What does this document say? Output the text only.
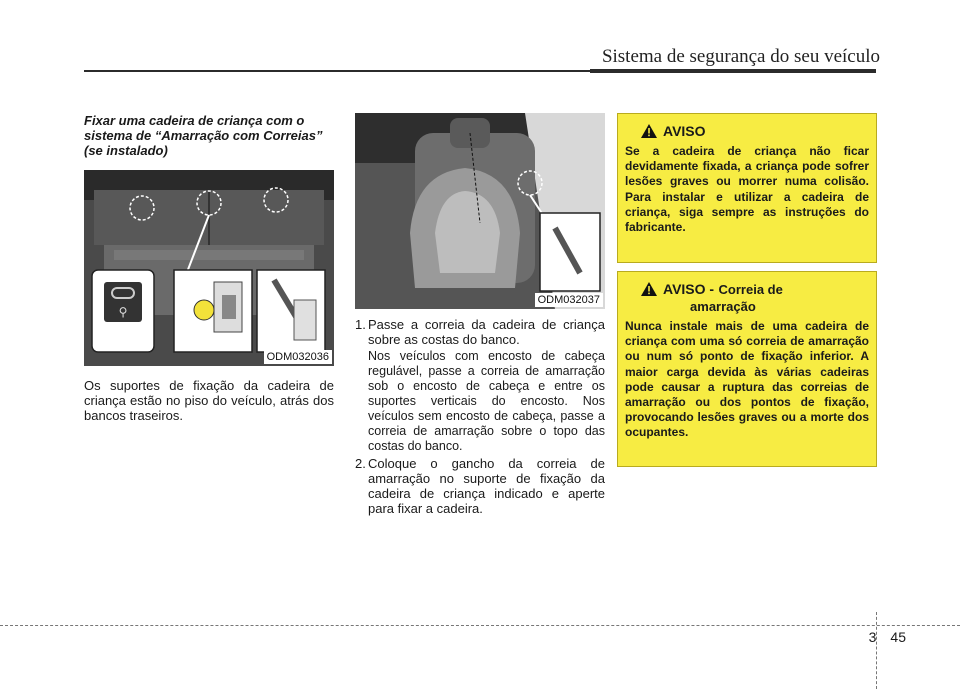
Sistema de segurança do seu veículo

Fixar uma cadeira de criança com o sistema de “Amarração com Correias” (se instalado)

⚲
ODM032036

Os suportes de fixação da cadeira de criança estão no piso do veículo, atrás dos bancos traseiros.

ODM032037
1. Passe a correia da cadeira de criança sobre as costas do banco.
Nos veículos com encosto de cabeça regulável, passe a correia de amarração sob o encosto de cabeça e entre os suportes verticais do encosto. Nos veículos sem encosto de cabeça, passe a correia de amarração sobre o topo das costas do banco.
2. Coloque o gancho da correia de amarração no suporte de fixação da cadeira de criança indicado e aperte para fixar a cadeira.
AVISO

Se a cadeira de criança não ficar devidamente fixada, a criança pode sofrer lesões graves ou morrer numa colisão. Para instalar e utilizar a cadeira de criança, siga sempre as instruções do fabricante.

AVISO - Correia de
amarração

Nunca instale mais de uma cadeira de criança com uma só correia de amarração ou num só ponto de fixação inferior. A maior carga devida às várias cadeiras pode causar a ruptura das correias de amarração ou dos pontos de fixação, provocando lesões graves ou a morte dos ocupantes.

3 45
